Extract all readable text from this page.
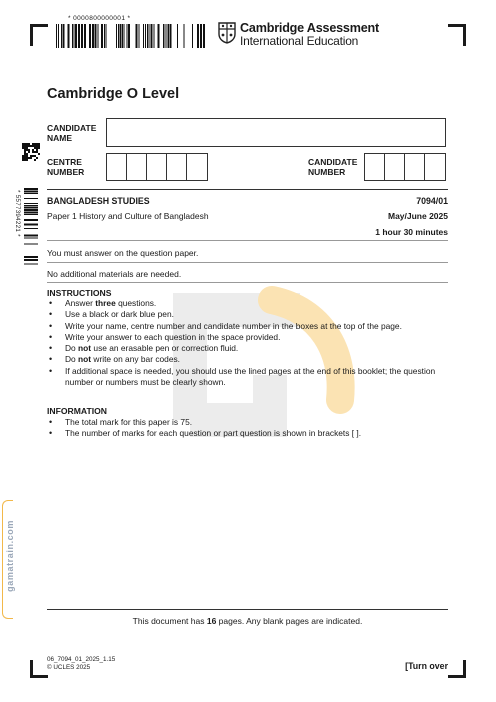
* 0000800000001 *
Cambridge Assessment
International Education
* 5577394221 *
gamatrain.com
Cambridge O Level
CANDIDATE
NAME
CENTRE
NUMBER
CANDIDATE
NUMBER
BANGLADESH STUDIES	7094/01
Paper 1 History and Culture of Bangladesh	May/June 2025
1 hour 30 minutes
You must answer on the question paper.
No additional materials are needed.
INSTRUCTIONS
• Answer three questions.
• Use a black or dark blue pen.
• Write your name, centre number and candidate number in the boxes at the top of the page.
• Write your answer to each question in the space provided.
• Do not use an erasable pen or correction fluid.
• Do not write on any bar codes.
• If additional space is needed, you should use the lined pages at the end of this booklet; the question number or numbers must be clearly shown.
INFORMATION
• The total mark for this paper is 75.
• The number of marks for each question or part question is shown in brackets [ ].
This document has 16 pages. Any blank pages are indicated.
06_7094_01_2025_1.15
© UCLES 2025	[Turn over
